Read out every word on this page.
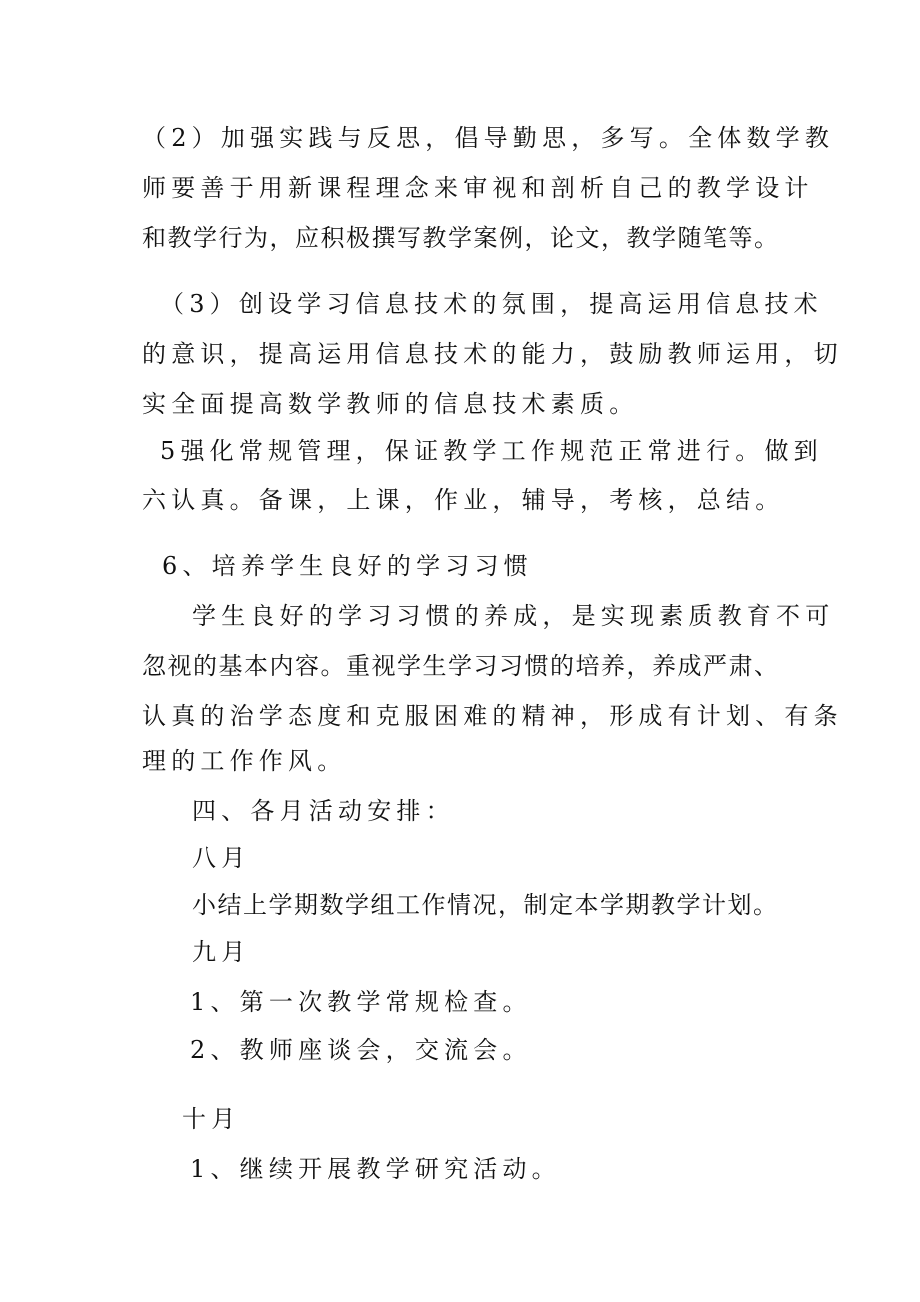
（2）加强实践与反思，倡导勤思，多写。全体数学教
师要善于用新课程理念来审视和剖析自己的教学设计
和教学行为，应积极撰写教学案例，论文，教学随笔等。
（3）创设学习信息技术的氛围，提高运用信息技术
的意识，提高运用信息技术的能力，鼓励教师运用，切
实全面提高数学教师的信息技术素质。
5强化常规管理，保证教学工作规范正常进行。做到
六认真。备课，上课，作业，辅导，考核，总结。
6、培养学生良好的学习习惯
学生良好的学习习惯的养成，是实现素质教育不可
忽视的基本内容。重视学生学习习惯的培养，养成严肃、
认真的治学态度和克服困难的精神，形成有计划、有条
理的工作作风。
四、各月活动安排：
八月
小结上学期数学组工作情况，制定本学期教学计划。
九月
1、第一次教学常规检查。
2、教师座谈会，交流会。
十月
1、继续开展教学研究活动。
